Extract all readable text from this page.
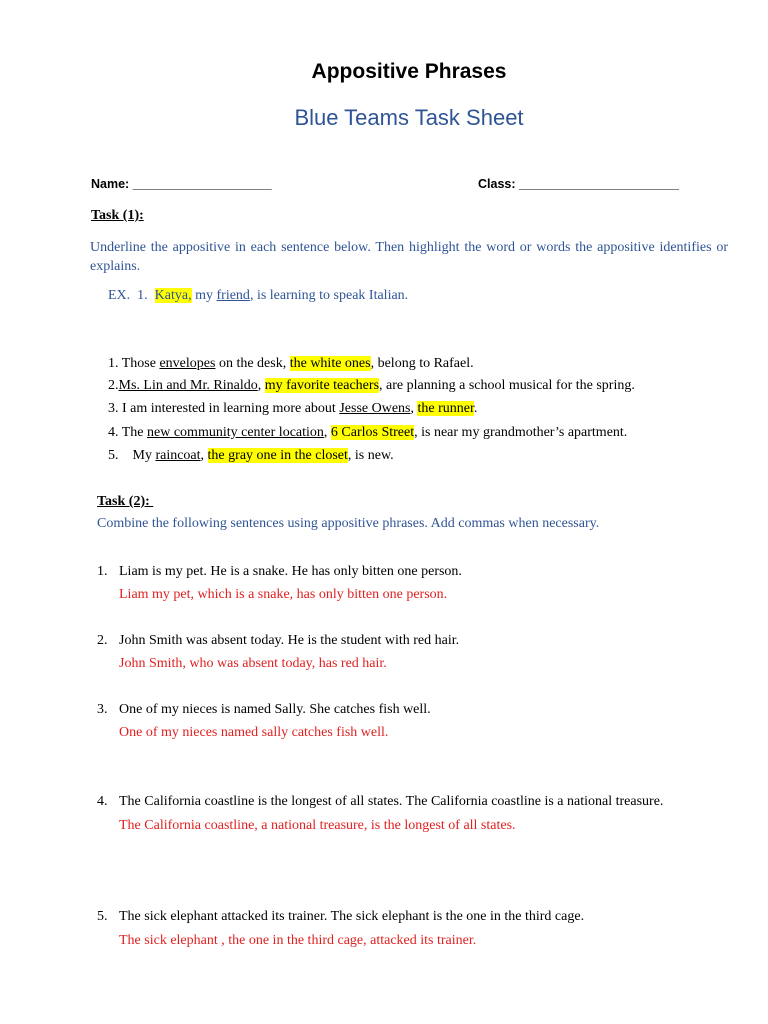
Appositive Phrases
Blue Teams Task Sheet
Name: ____________________	Class: _______________________
Task (1):
Underline the appositive in each sentence below. Then highlight the word or words the appositive identifies or explains.
EX.  1.  Katya, my friend, is learning to speak Italian.
1. Those envelopes on the desk, the white ones, belong to Rafael.
2.Ms. Lin and Mr. Rinaldo, my favorite teachers, are planning a school musical for the spring.
3. I am interested in learning more about Jesse Owens, the runner.
4. The new community center location, 6 Carlos Street, is near my grandmother’s apartment.
5.    My raincoat, the gray one in the closet, is new.
Task (2):
Combine the following sentences using appositive phrases. Add commas when necessary.
1. Liam is my pet. He is a snake. He has only bitten one person.
Liam my pet, which is a snake, has only bitten one person.
2. John Smith was absent today. He is the student with red hair.
John Smith, who was absent today, has red hair.
3. One of my nieces is named Sally. She catches fish well.
One of my nieces named sally catches fish well.
4. The California coastline is the longest of all states. The California coastline is a national treasure.
The California coastline, a national treasure, is the longest of all states.
5. The sick elephant attacked its trainer. The sick elephant is the one in the third cage.
The sick elephant , the one in the third cage, attacked its trainer.
